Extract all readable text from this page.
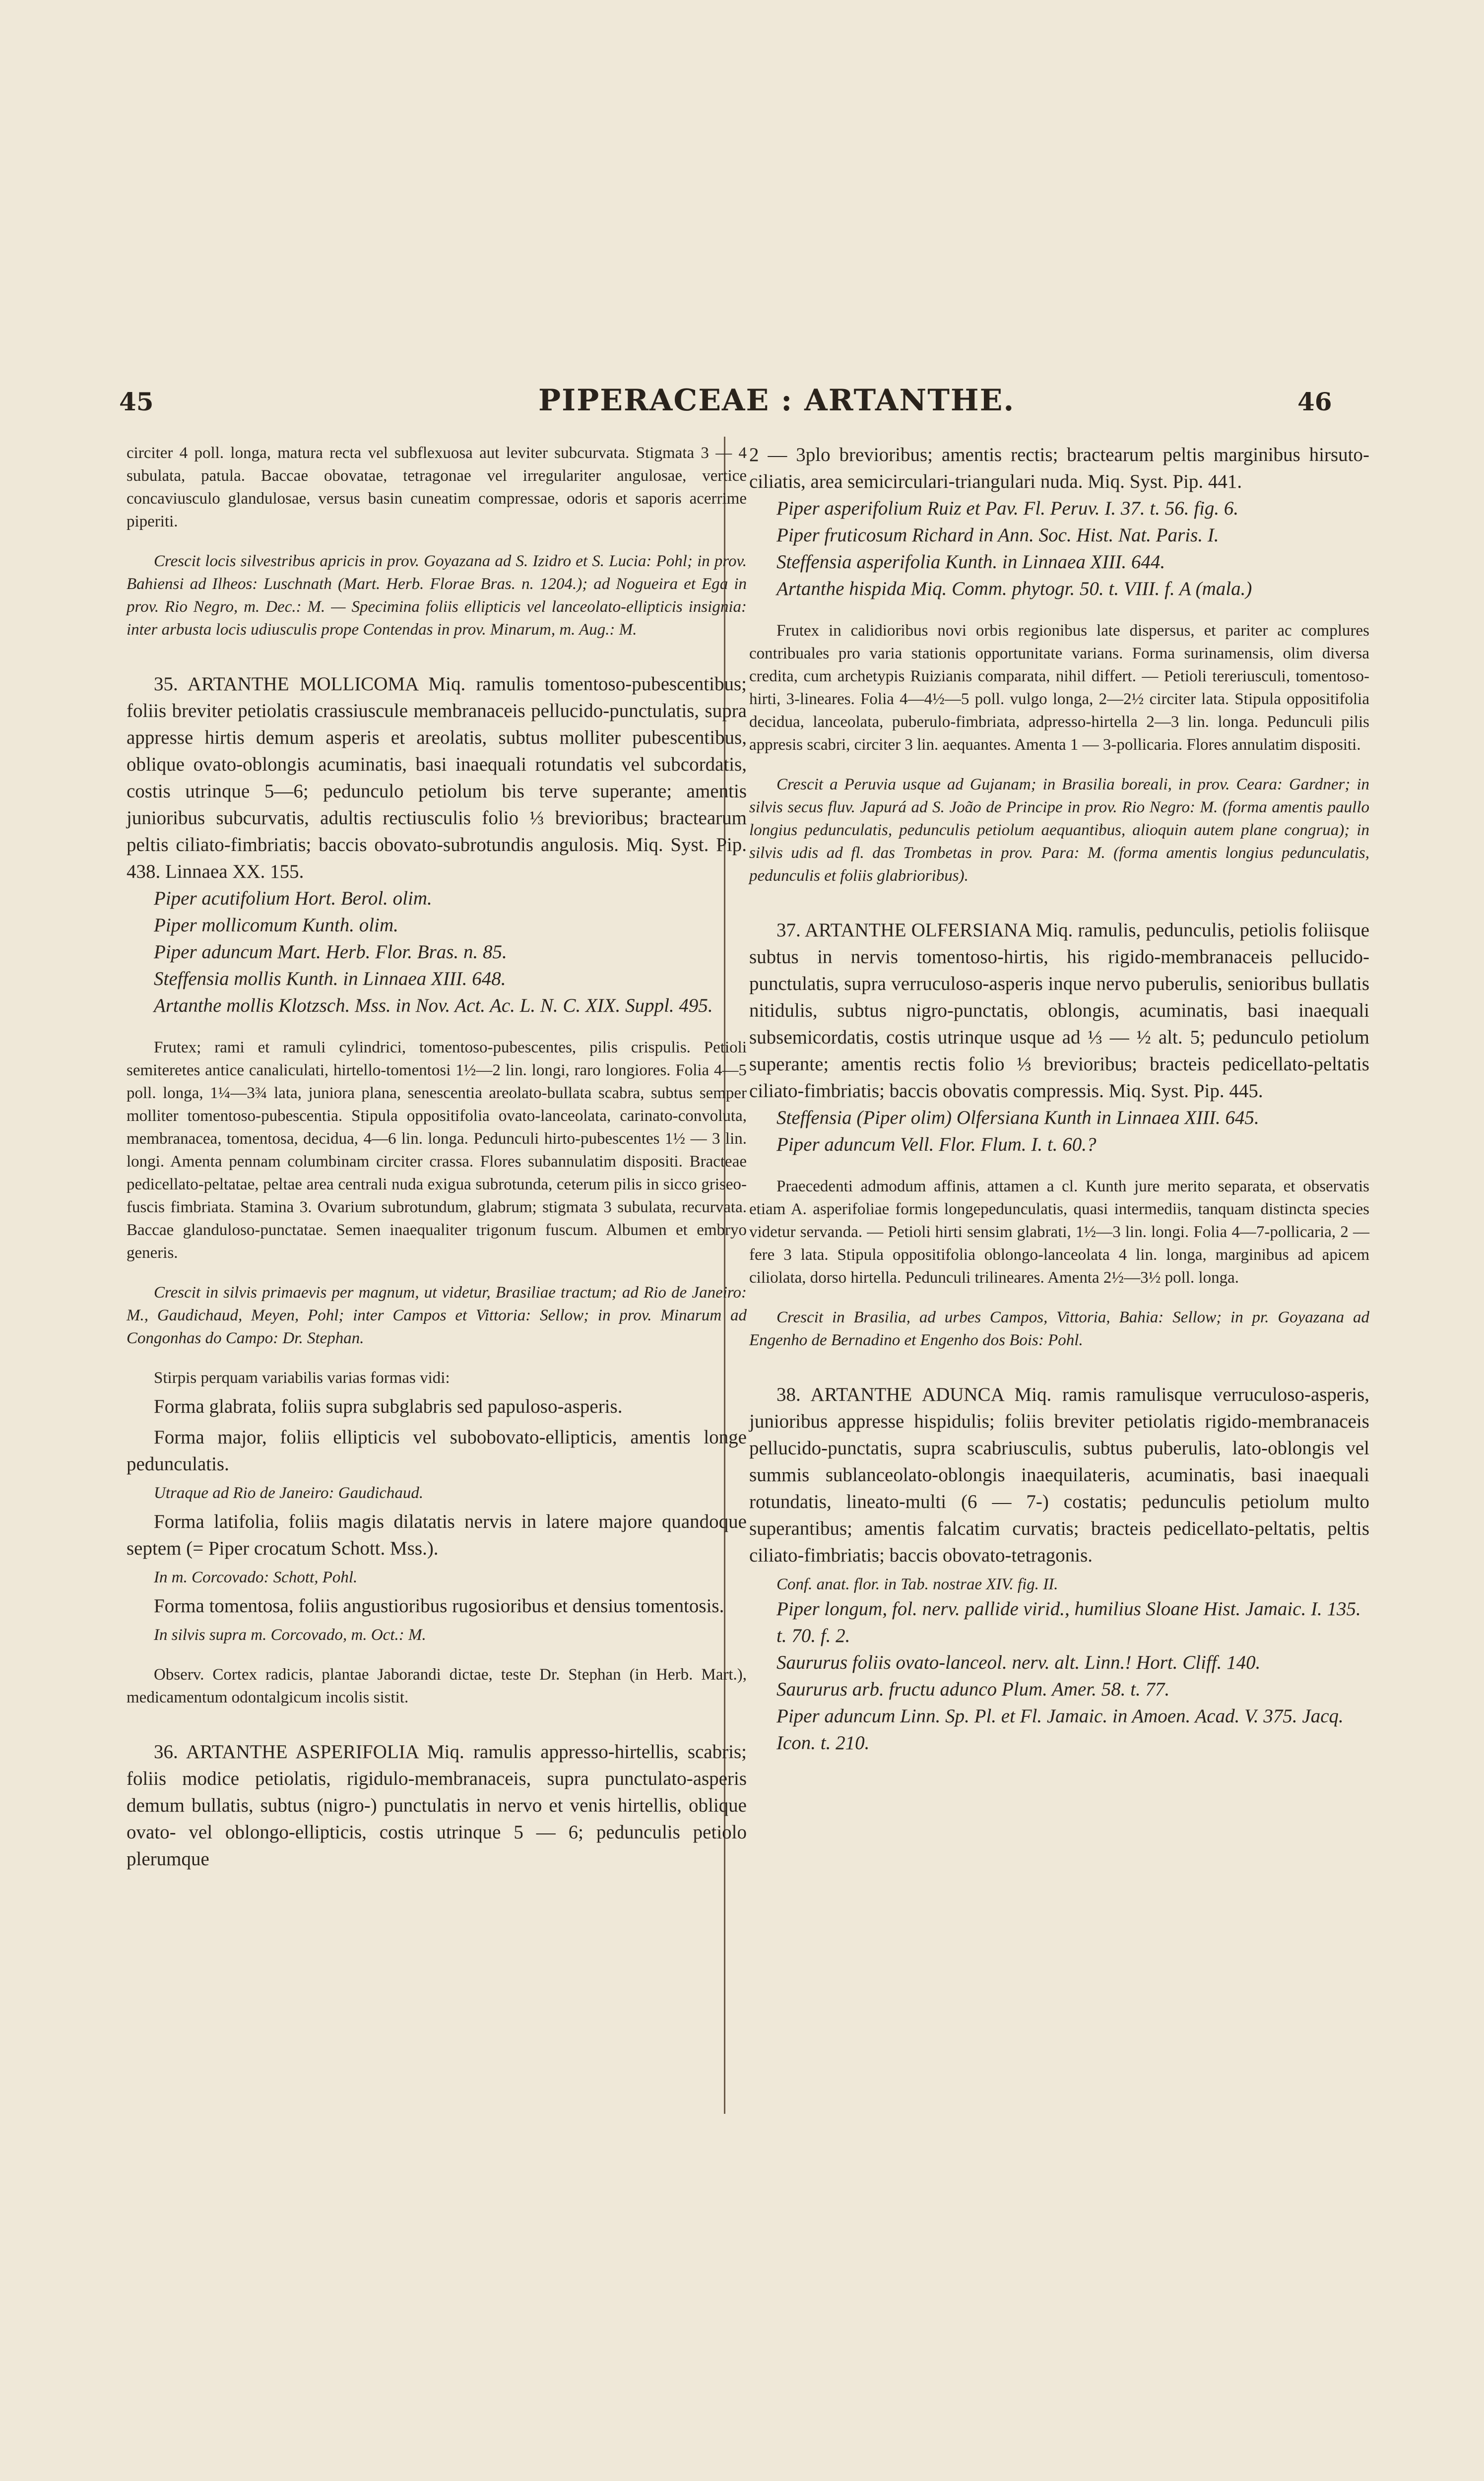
45	PIPERACEAE : ARTANTHE.	46

circiter 4 poll. longa, matura recta vel subflexuosa aut leviter subcurvata. Stigmata 3 — 4 subulata, patula. Baccae obovatae, tetragonae vel irregulariter angulosae, vertice concaviusculo glandulosae, versus basin cuneatim compressae, odoris et saporis acerrime piperiti.

Crescit locis silvestribus apricis in prov. Goyazana ad S. Izidro et S. Lucia: Pohl; in prov. Bahiensi ad Ilheos: Luschnath (Mart. Herb. Florae Bras. n. 1204.); ad Nogueira et Ega in prov. Rio Negro, m. Dec.: M. — Specimina foliis ellipticis vel lanceolato-ellipticis insignia: inter arbusta locis udiusculis prope Contendas in prov. Minarum, m. Aug.: M.

35. ARTANTHE MOLLICOMA Miq. ramulis tomentoso-pubescentibus; foliis breviter petiolatis crassiuscule membranaceis pellucido-punctulatis, supra appresse hirtis demum asperis et areolatis, subtus molliter pubescentibus, oblique ovato-oblongis acuminatis, basi inaequali rotundatis vel subcordatis, costis utrinque 5—6; pedunculo petiolum bis terve superante; amentis junioribus subcurvatis, adultis rectiusculis folio ⅓ brevioribus; bractearum peltis ciliato-fimbriatis; baccis obovato-subrotundis angulosis. Miq. Syst. Pip. 438. Linnaea XX. 155.

Piper acutifolium Hort. Berol. olim.

Piper mollicomum Kunth. olim.

Piper aduncum Mart. Herb. Flor. Bras. n. 85.

Steffensia mollis Kunth. in Linnaea XIII. 648.

Artanthe mollis Klotzsch. Mss. in Nov. Act. Ac. L. N. C. XIX. Suppl. 495.

Frutex; rami et ramuli cylindrici, tomentoso-pubescentes, pilis crispulis. Petioli semiteretes antice canaliculati, hirtello-tomentosi 1½—2 lin. longi, raro longiores. Folia 4—5 poll. longa, 1¼—3¾ lata, juniora plana, senescentia areolato-bullata scabra, subtus semper molliter tomentoso-pubescentia. Stipula oppositifolia ovato-lanceolata, carinato-convoluta, membranacea, tomentosa, decidua, 4—6 lin. longa. Pedunculi hirto-pubescentes 1½ — 3 lin. longi. Amenta pennam columbinam circiter crassa. Flores subannulatim dispositi. Bracteae pedicellato-peltatae, peltae area centrali nuda exigua subrotunda, ceterum pilis in sicco griseo-fuscis fimbriata. Stamina 3. Ovarium subrotundum, glabrum; stigmata 3 subulata, recurvata. Baccae glanduloso-punctatae. Semen inaequaliter trigonum fuscum. Albumen et embryo generis.

Crescit in silvis primaevis per magnum, ut videtur, Brasiliae tractum; ad Rio de Janeiro: M., Gaudichaud, Meyen, Pohl; inter Campos et Vittoria: Sellow; in prov. Minarum ad Congonhas do Campo: Dr. Stephan.

Stirpis perquam variabilis varias formas vidi:

Forma glabrata, foliis supra subglabris sed papuloso-asperis.

Forma major, foliis ellipticis vel subobovato-ellipticis, amentis longe pedunculatis.

Utraque ad Rio de Janeiro: Gaudichaud.

Forma latifolia, foliis magis dilatatis nervis in latere majore quandoque septem (= Piper crocatum Schott. Mss.).

In m. Corcovado: Schott, Pohl.

Forma tomentosa, foliis angustioribus rugosioribus et densius tomentosis.

In silvis supra m. Corcovado, m. Oct.: M.

Observ. Cortex radicis, plantae Jaborandi dictae, teste Dr. Stephan (in Herb. Mart.), medicamentum odontalgicum incolis sistit.

36. ARTANTHE ASPERIFOLIA Miq. ramulis appresso-hirtellis, scabris; foliis modice petiolatis, rigidulo-membranaceis, supra punctulato-asperis demum bullatis, subtus (nigro-) punctulatis in nervo et venis hirtellis, oblique ovato- vel oblongo-ellipticis, costis utrinque 5 — 6; pedunculis petiolo plerumque

2 — 3plo brevioribus; amentis rectis; bractearum peltis marginibus hirsuto-ciliatis, area semicirculari-triangulari nuda. Miq. Syst. Pip. 441.

Piper asperifolium Ruiz et Pav. Fl. Peruv. I. 37. t. 56. fig. 6.

Piper fruticosum Richard in Ann. Soc. Hist. Nat. Paris. I.

Steffensia asperifolia Kunth. in Linnaea XIII. 644.

Artanthe hispida Miq. Comm. phytogr. 50. t. VIII. f. A (mala.)

Frutex in calidioribus novi orbis regionibus late dispersus, et pariter ac complures contribuales pro varia stationis opportunitate varians. Forma surinamensis, olim diversa credita, cum archetypis Ruizianis comparata, nihil differt. — Petioli tereriusculi, tomentoso-hirti, 3-lineares. Folia 4—4½—5 poll. vulgo longa, 2—2½ circiter lata. Stipula oppositifolia decidua, lanceolata, puberulo-fimbriata, adpresso-hirtella 2—3 lin. longa. Pedunculi pilis appresis scabri, circiter 3 lin. aequantes. Amenta 1 — 3-pollicaria. Flores annulatim dispositi.

Crescit a Peruvia usque ad Gujanam; in Brasilia boreali, in prov. Ceara: Gardner; in silvis secus fluv. Japurá ad S. João de Principe in prov. Rio Negro: M. (forma amentis paullo longius pedunculatis, pedunculis petiolum aequantibus, alioquin autem plane congrua); in silvis udis ad fl. das Trombetas in prov. Para: M. (forma amentis longius pedunculatis, pedunculis et foliis glabrioribus).

37. ARTANTHE OLFERSIANA Miq. ramulis, pedunculis, petiolis foliisque subtus in nervis tomentoso-hirtis, his rigido-membranaceis pellucido-punctulatis, supra verruculoso-asperis inque nervo puberulis, senioribus bullatis nitidulis, subtus nigro-punctatis, oblongis, acuminatis, basi inaequali subsemicordatis, costis utrinque usque ad ⅓ — ½ alt. 5; pedunculo petiolum superante; amentis rectis folio ⅓ brevioribus; bracteis pedicellato-peltatis ciliato-fimbriatis; baccis obovatis compressis. Miq. Syst. Pip. 445.

Steffensia (Piper olim) Olfersiana Kunth in Linnaea XIII. 645.

Piper aduncum Vell. Flor. Flum. I. t. 60.?

Praecedenti admodum affinis, attamen a cl. Kunth jure merito separata, et observatis etiam A. asperifoliae formis longepedunculatis, quasi intermediis, tanquam distincta species videtur servanda. — Petioli hirti sensim glabrati, 1½—3 lin. longi. Folia 4—7-pollicaria, 2 — fere 3 lata. Stipula oppositifolia oblongo-lanceolata 4 lin. longa, marginibus ad apicem ciliolata, dorso hirtella. Pedunculi trilineares. Amenta 2½—3½ poll. longa.

Crescit in Brasilia, ad urbes Campos, Vittoria, Bahia: Sellow; in pr. Goyazana ad Engenho de Bernadino et Engenho dos Bois: Pohl.

38. ARTANTHE ADUNCA Miq. ramis ramulisque verruculoso-asperis, junioribus appresse hispidulis; foliis breviter petiolatis rigido-membranaceis pellucido-punctatis, supra scabriusculis, subtus puberulis, lato-oblongis vel summis sublanceolato-oblongis inaequilateris, acuminatis, basi inaequali rotundatis, lineato-multi (6 — 7-) costatis; pedunculis petiolum multo superantibus; amentis falcatim curvatis; bracteis pedicellato-peltatis, peltis ciliato-fimbriatis; baccis obovato-tetragonis.

Conf. anat. flor. in Tab. nostrae XIV. fig. II.

Piper longum, fol. nerv. pallide virid., humilius Sloane Hist. Jamaic. I. 135. t. 70. f. 2.

Saururus foliis ovato-lanceol. nerv. alt. Linn.! Hort. Cliff. 140.

Saururus arb. fructu adunco Plum. Amer. 58. t. 77.

Piper aduncum Linn. Sp. Pl. et Fl. Jamaic. in Amoen. Acad. V. 375. Jacq. Icon. t. 210.
